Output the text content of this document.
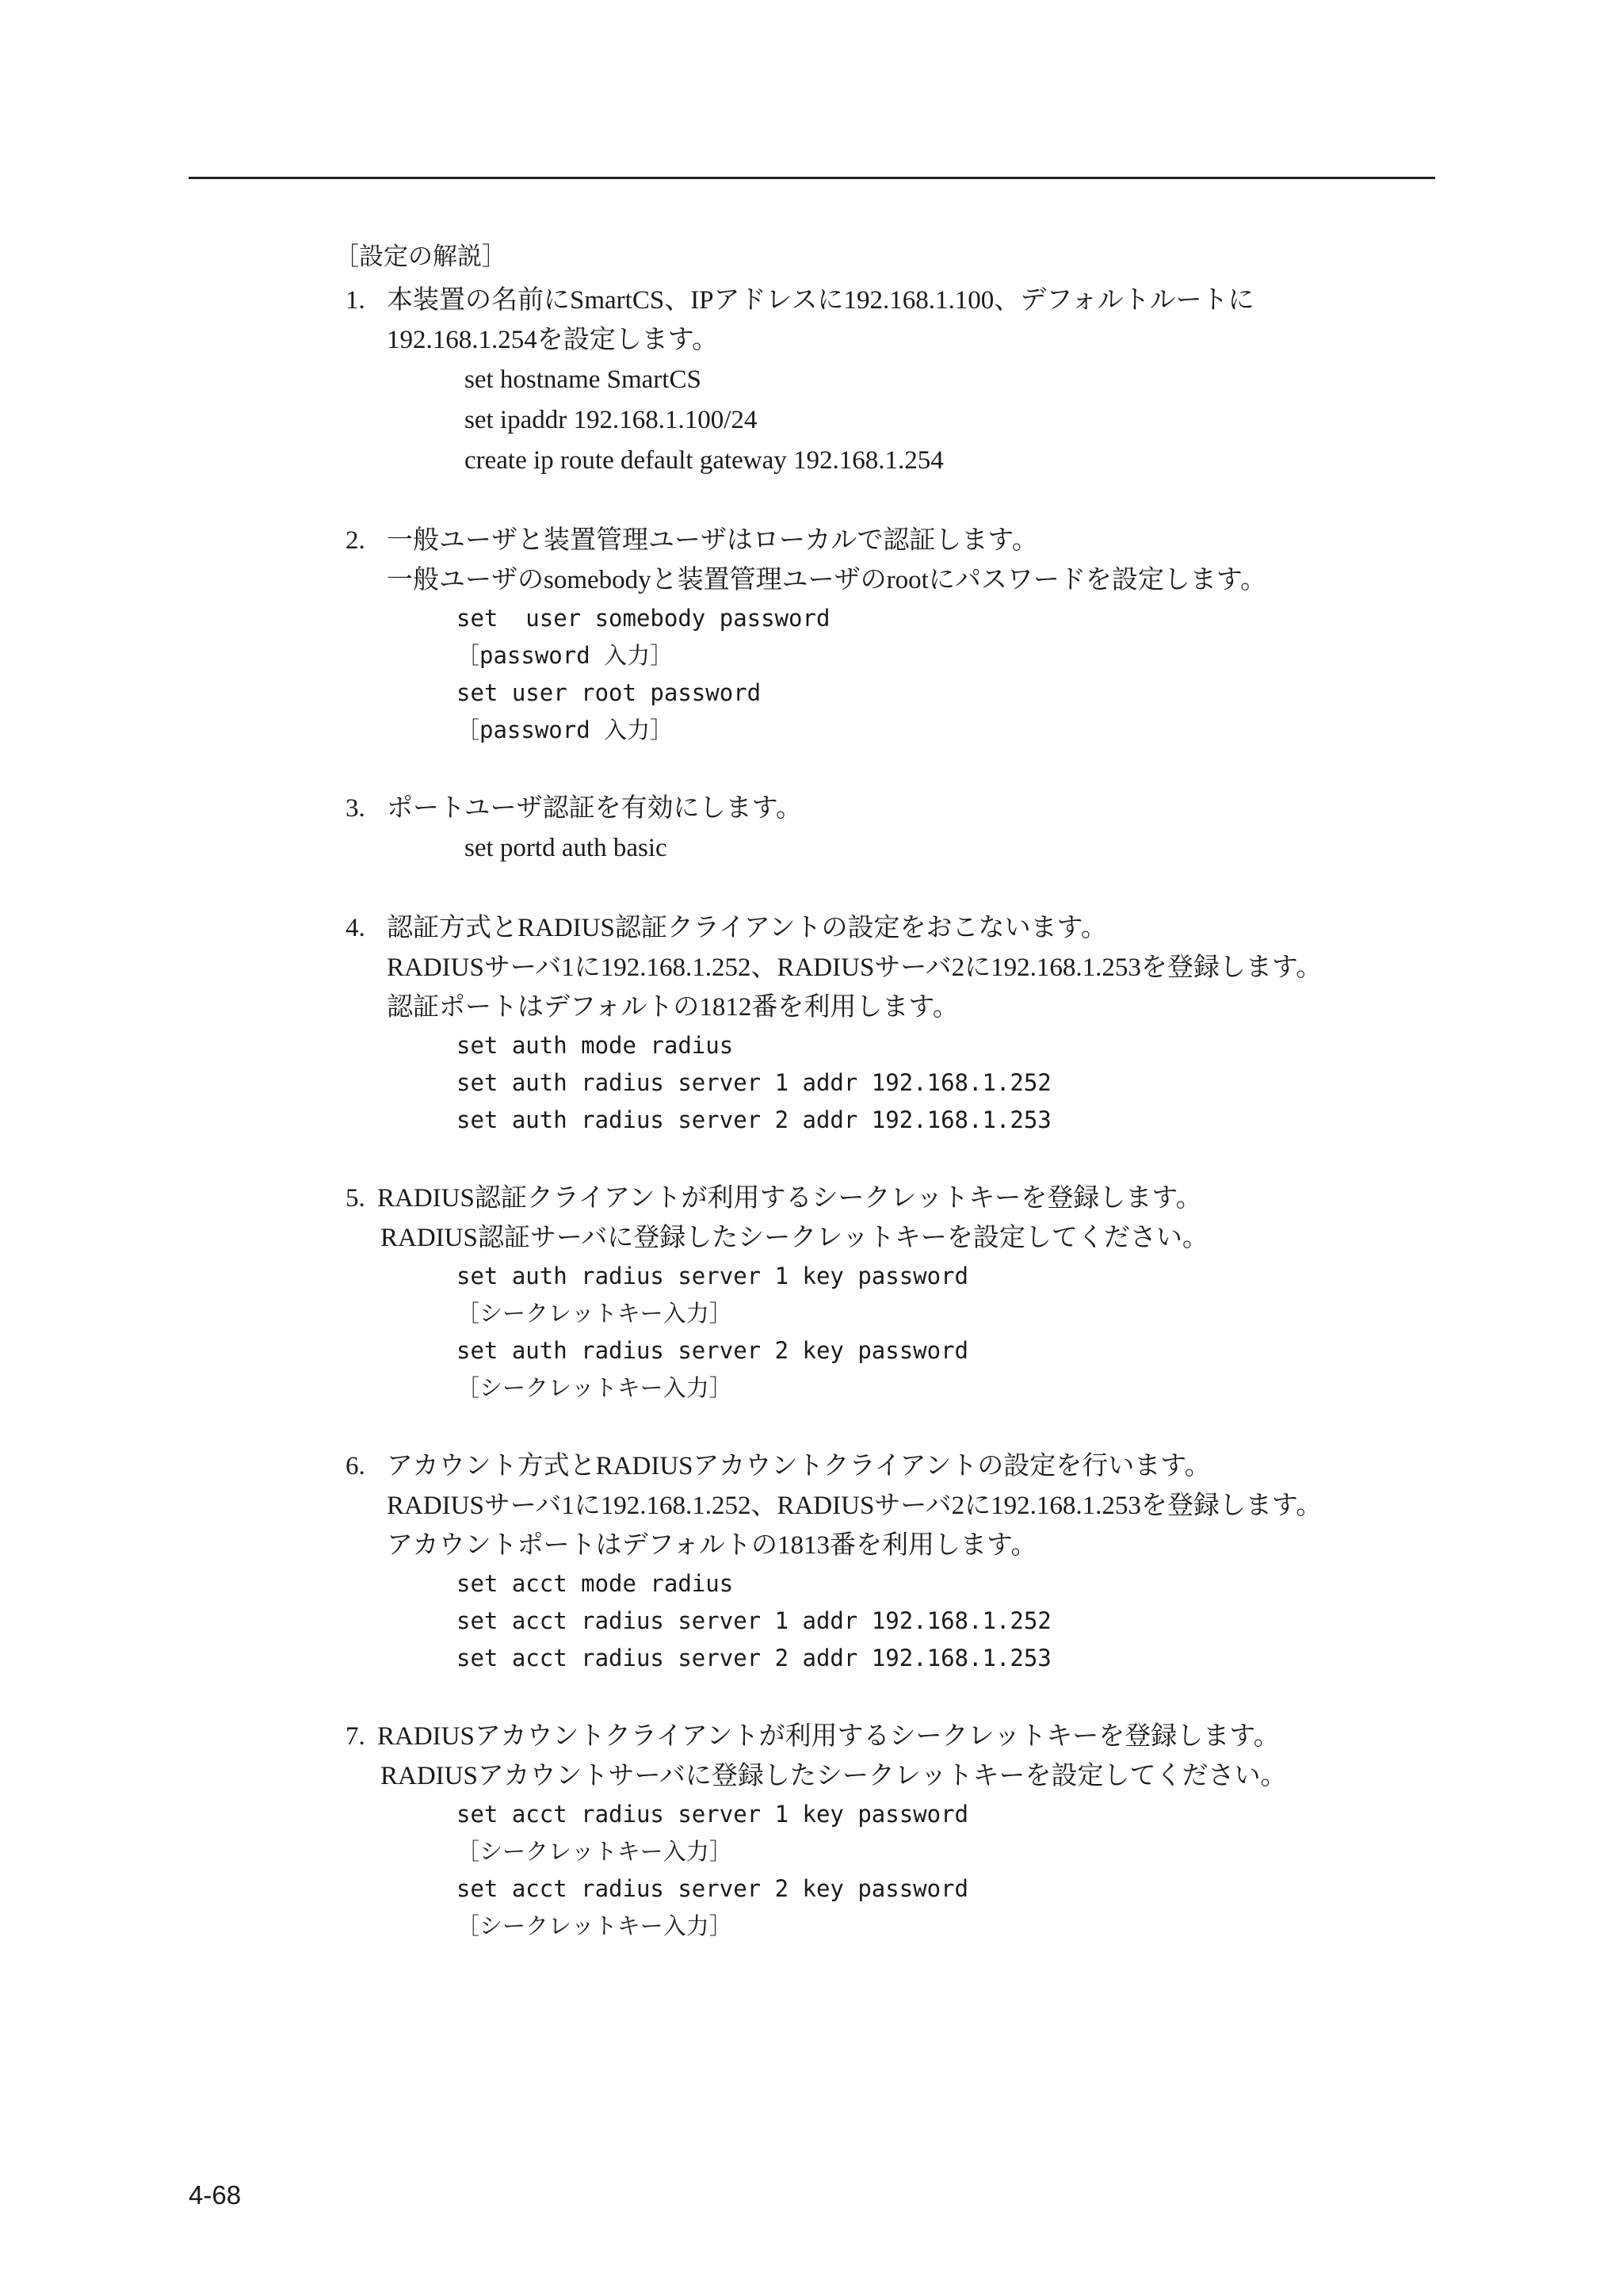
［設定の解説］
1. 本装置の名前にSmartCS、IPアドレスに192.168.1.100、デフォルトルートに
192.168.1.254を設定します。
set hostname SmartCS
set ipaddr 192.168.1.100/24
create ip route default gateway 192.168.1.254
2. 一般ユーザと装置管理ユーザはローカルで認証します。
一般ユーザのsomebodyと装置管理ユーザのrootにパスワードを設定します。
set  user somebody password
［password 入力］
set user root password
［password 入力］
3. ポートユーザ認証を有効にします。
set portd auth basic
4. 認証方式とRADIUS認証クライアントの設定をおこないます。
RADIUSサーバ1に192.168.1.252、RADIUSサーバ2に192.168.1.253を登録します。
認証ポートはデフォルトの1812番を利用します。
set auth mode radius
set auth radius server 1 addr 192.168.1.252
set auth radius server 2 addr 192.168.1.253
5. RADIUS認証クライアントが利用するシークレットキーを登録します。
RADIUS認証サーバに登録したシークレットキーを設定してください。
set auth radius server 1 key password
［シークレットキー入力］
set auth radius server 2 key password
［シークレットキー入力］
6. アカウント方式とRADIUSアカウントクライアントの設定を行います。
RADIUSサーバ1に192.168.1.252、RADIUSサーバ2に192.168.1.253を登録します。
アカウントポートはデフォルトの1813番を利用します。
set acct mode radius
set acct radius server 1 addr 192.168.1.252
set acct radius server 2 addr 192.168.1.253
7. RADIUSアカウントクライアントが利用するシークレットキーを登録します。
RADIUSアカウントサーバに登録したシークレットキーを設定してください。
set acct radius server 1 key password
［シークレットキー入力］
set acct radius server 2 key password
［シークレットキー入力］
4-68
